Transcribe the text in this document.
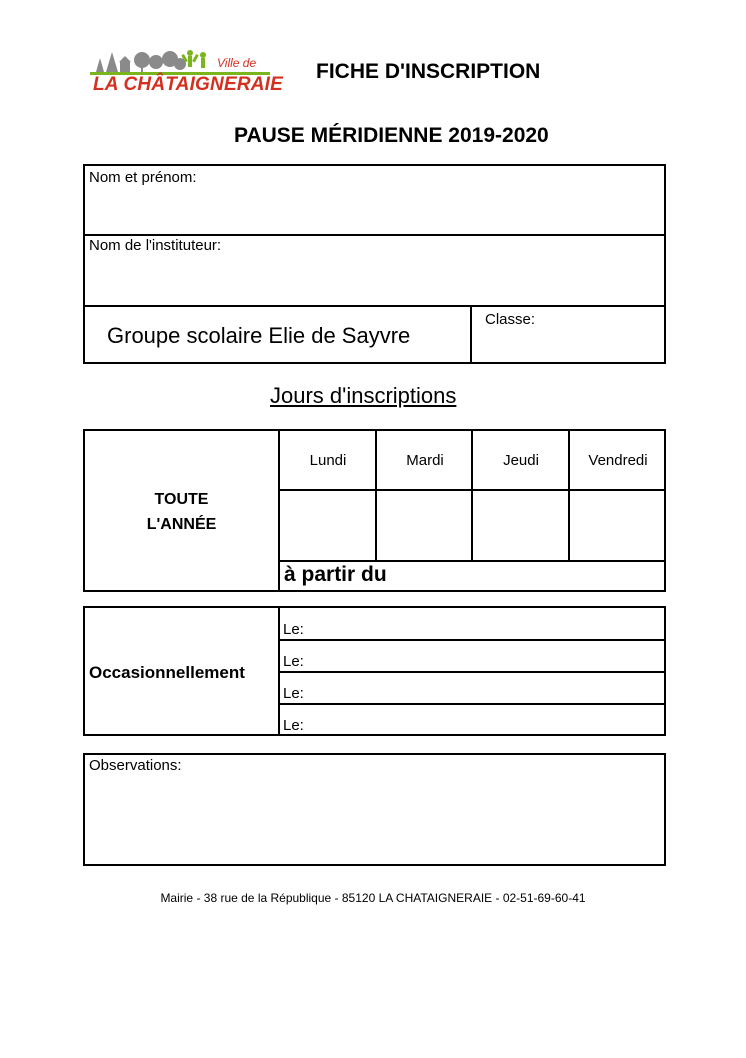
Ville de
LA CHÂTAIGNERAIE
FICHE D'INSCRIPTION
PAUSE MÉRIDIENNE 2019-2020
Nom et prénom:
Nom de l'instituteur:
Groupe scolaire Elie de Sayvre
Classe:
Jours d'inscriptions
TOUTE
L'ANNÉE
Lundi	Mardi	Jeudi	Vendredi
à partir du
Occasionnellement
Le:
Le:
Le:
Le:
Observations:
Mairie - 38 rue de la République - 85120 LA CHATAIGNERAIE - 02-51-69-60-41
